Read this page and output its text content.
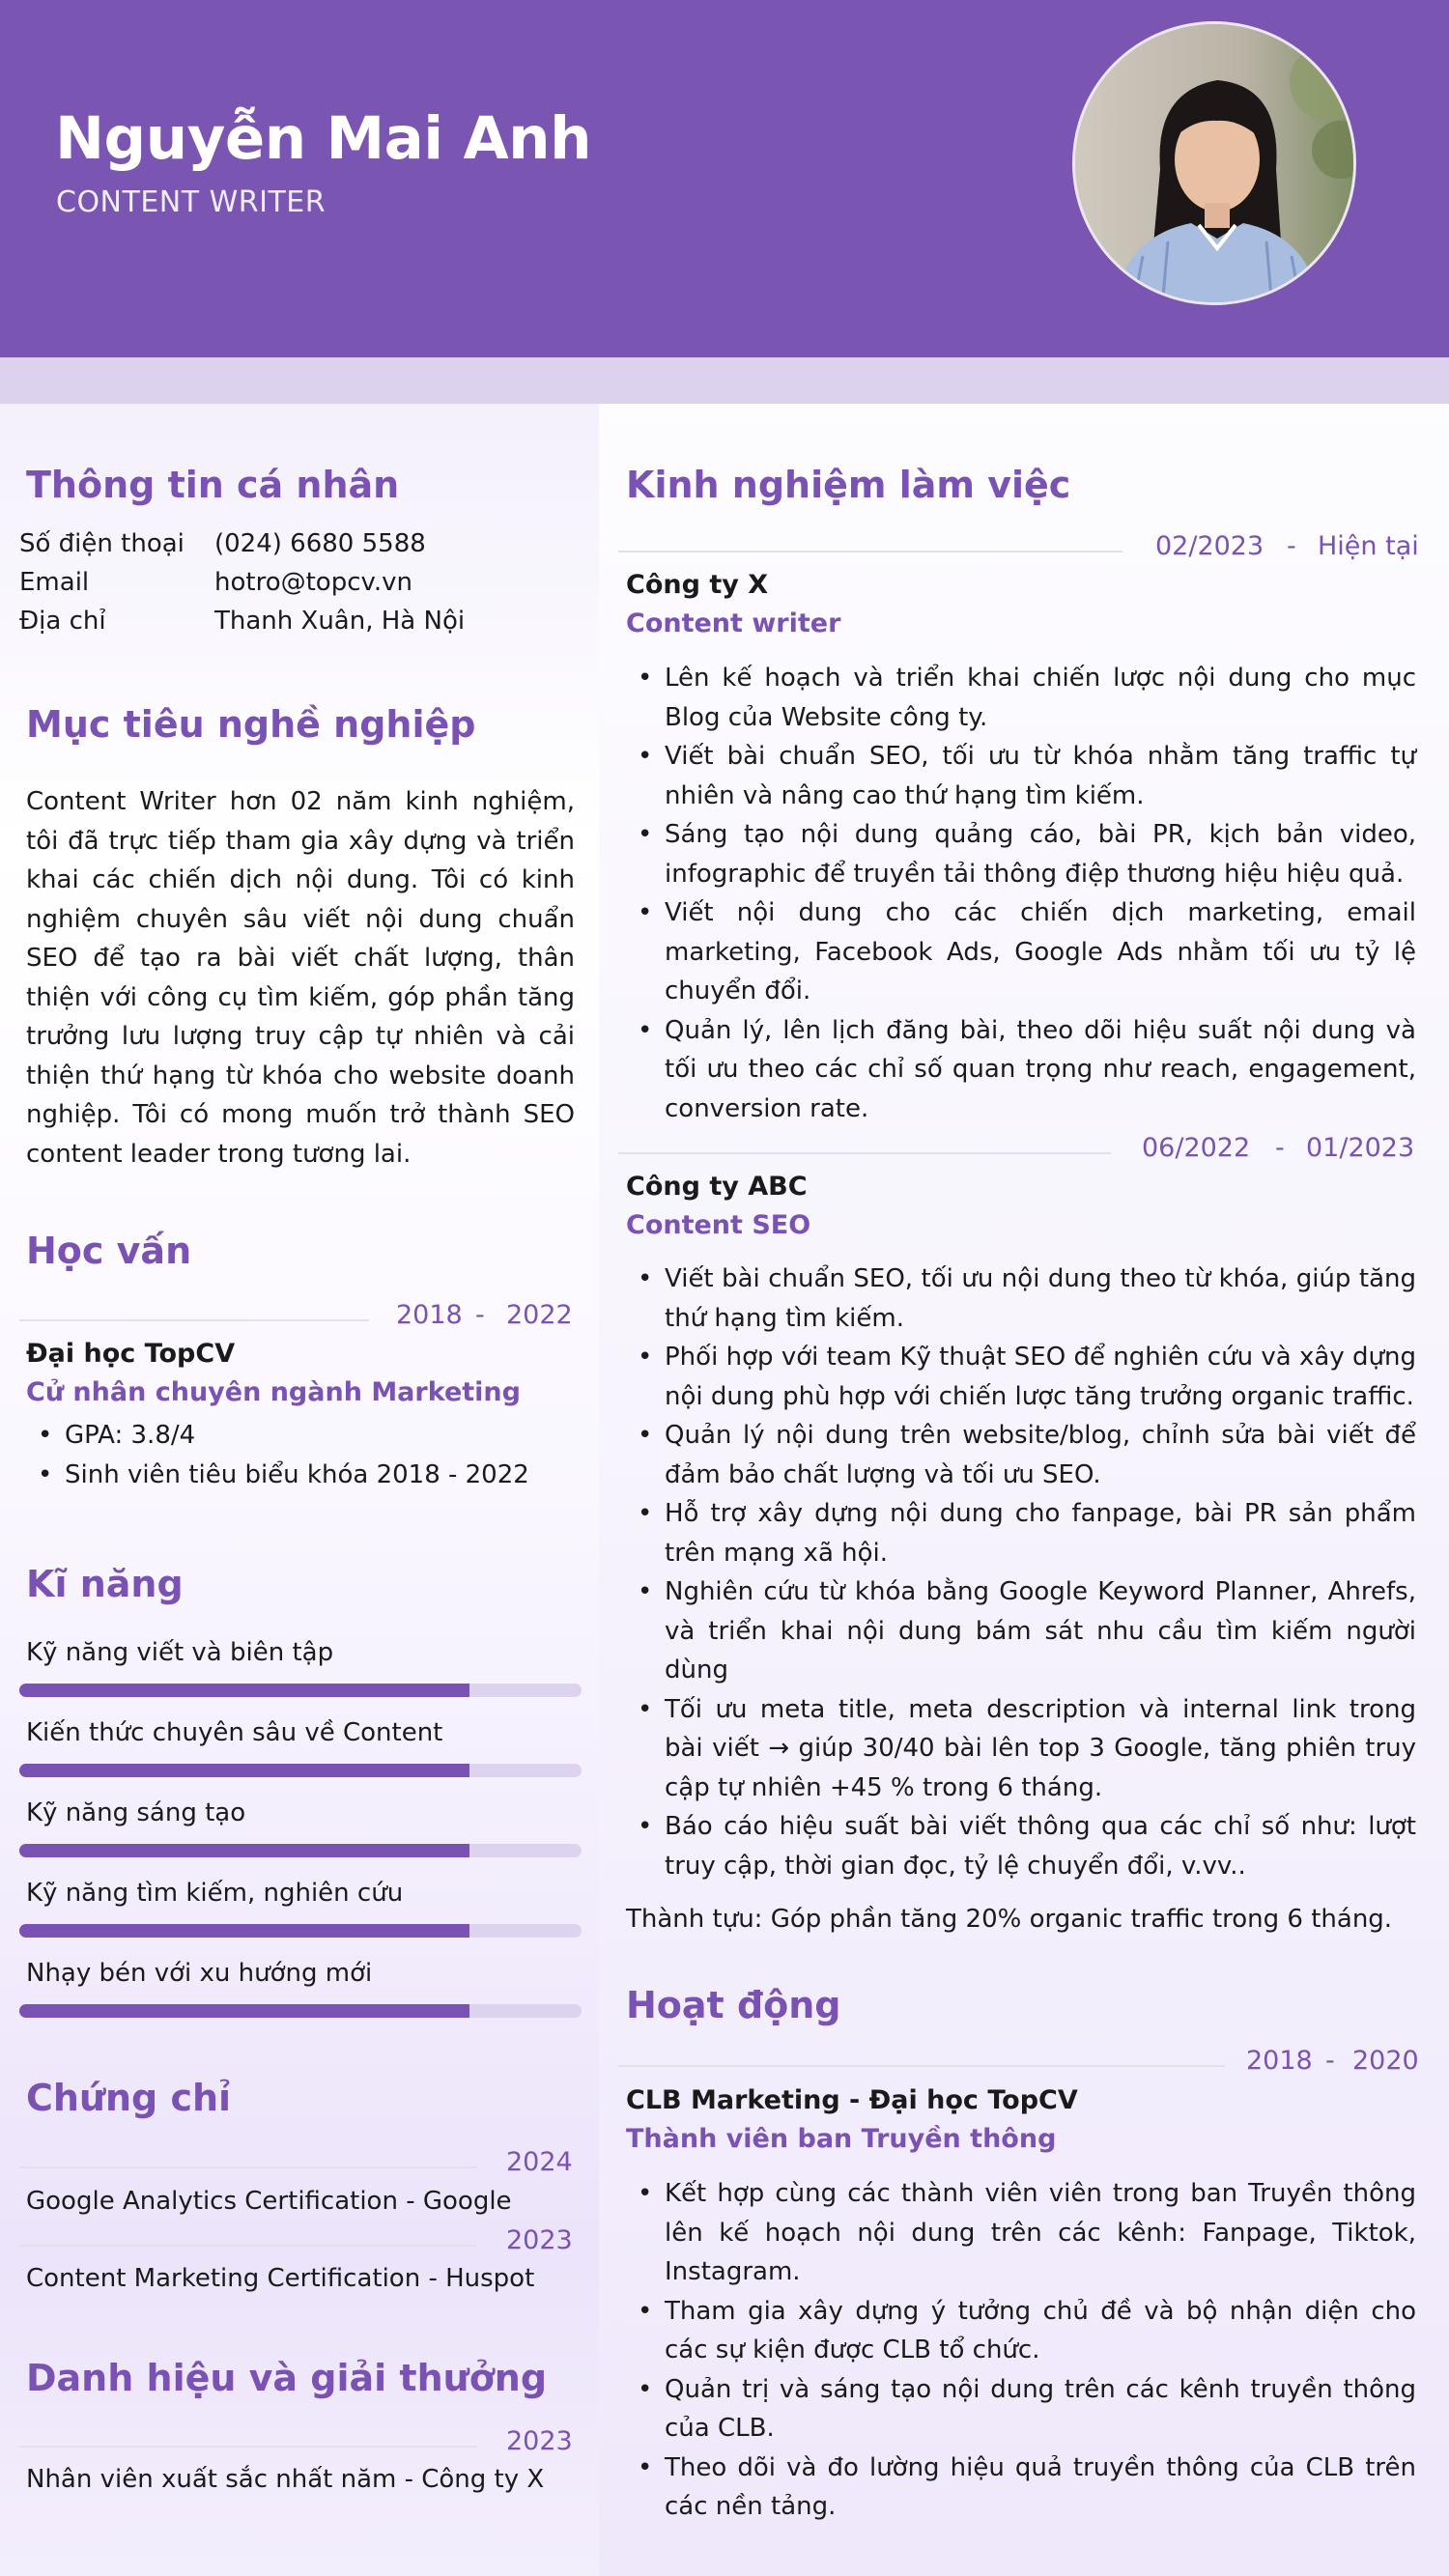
Nguyễn Mai Anh
CONTENT WRITER
Thông tin cá nhân
Số điện thoại (024) 6680 5588
Email	hotro@topcv.vn
Địa chỉ	Thanh Xuân, Hà Nội
Mục tiêu nghề nghiệp
Content Writer hơn 02 năm kinh nghiệm, tôi đã trực tiếp tham gia xây dựng và triển khai các chiến dịch nội dung. Tôi có kinh nghiệm chuyên sâu viết nội dung chuẩn SEO để tạo ra bài viết chất lượng, thân thiện với công cụ tìm kiếm, góp phần tăng trưởng lưu lượng truy cập tự nhiên và cải thiện thứ hạng từ khóa cho website doanh nghiệp. Tôi có mong muốn trở thành SEO content leader trong tương lai.
Học vấn
2018 - 2022
Đại học TopCV
Cử nhân chuyên ngành Marketing
• GPA: 3.8/4
• Sinh viên tiêu biểu khóa 2018 - 2022
Kĩ năng
Kỹ năng viết và biên tập
Kiến thức chuyên sâu về Content
Kỹ năng sáng tạo
Kỹ năng tìm kiếm, nghiên cứu
Nhạy bén với xu hướng mới
Chứng chỉ
2024
Google Analytics Certification - Google
2023
Content Marketing Certification - Huspot
Danh hiệu và giải thưởng
2023
Nhân viên xuất sắc nhất năm - Công ty X
Kinh nghiệm làm việc
02/2023 - Hiện tại
Công ty X
Content writer
• Lên kế hoạch và triển khai chiến lược nội dung cho mục Blog của Website công ty.
• Viết bài chuẩn SEO, tối ưu từ khóa nhằm tăng traffic tự nhiên và nâng cao thứ hạng tìm kiếm.
• Sáng tạo nội dung quảng cáo, bài PR, kịch bản video, infographic để truyền tải thông điệp thương hiệu hiệu quả.
• Viết nội dung cho các chiến dịch marketing, email marketing, Facebook Ads, Google Ads nhằm tối ưu tỷ lệ chuyển đổi.
• Quản lý, lên lịch đăng bài, theo dõi hiệu suất nội dung và tối ưu theo các chỉ số quan trọng như reach, engagement, conversion rate.
06/2022 - 01/2023
Công ty ABC
Content SEO
• Viết bài chuẩn SEO, tối ưu nội dung theo từ khóa, giúp tăng thứ hạng tìm kiếm.
• Phối hợp với team Kỹ thuật SEO để nghiên cứu và xây dựng nội dung phù hợp với chiến lược tăng trưởng organic traffic.
• Quản lý nội dung trên website/blog, chỉnh sửa bài viết để đảm bảo chất lượng và tối ưu SEO.
• Hỗ trợ xây dựng nội dung cho fanpage, bài PR sản phẩm trên mạng xã hội.
• Nghiên cứu từ khóa bằng Google Keyword Planner, Ahrefs, và triển khai nội dung bám sát nhu cầu tìm kiếm người dùng
• Tối ưu meta title, meta description và internal link trong bài viết → giúp 30/40 bài lên top 3 Google, tăng phiên truy cập tự nhiên +45 % trong 6 tháng.
• Báo cáo hiệu suất bài viết thông qua các chỉ số như: lượt truy cập, thời gian đọc, tỷ lệ chuyển đổi, v.vv..
Thành tựu: Góp phần tăng 20% organic traffic trong 6 tháng.
Hoạt động
2018 - 2020
CLB Marketing - Đại học TopCV
Thành viên ban Truyền thông
• Kết hợp cùng các thành viên viên trong ban Truyền thông lên kế hoạch nội dung trên các kênh: Fanpage, Tiktok, Instagram.
• Tham gia xây dựng ý tưởng chủ đề và bộ nhận diện cho các sự kiện được CLB tổ chức.
• Quản trị và sáng tạo nội dung trên các kênh truyền thông của CLB.
• Theo dõi và đo lường hiệu quả truyền thông của CLB trên các nền tảng.
